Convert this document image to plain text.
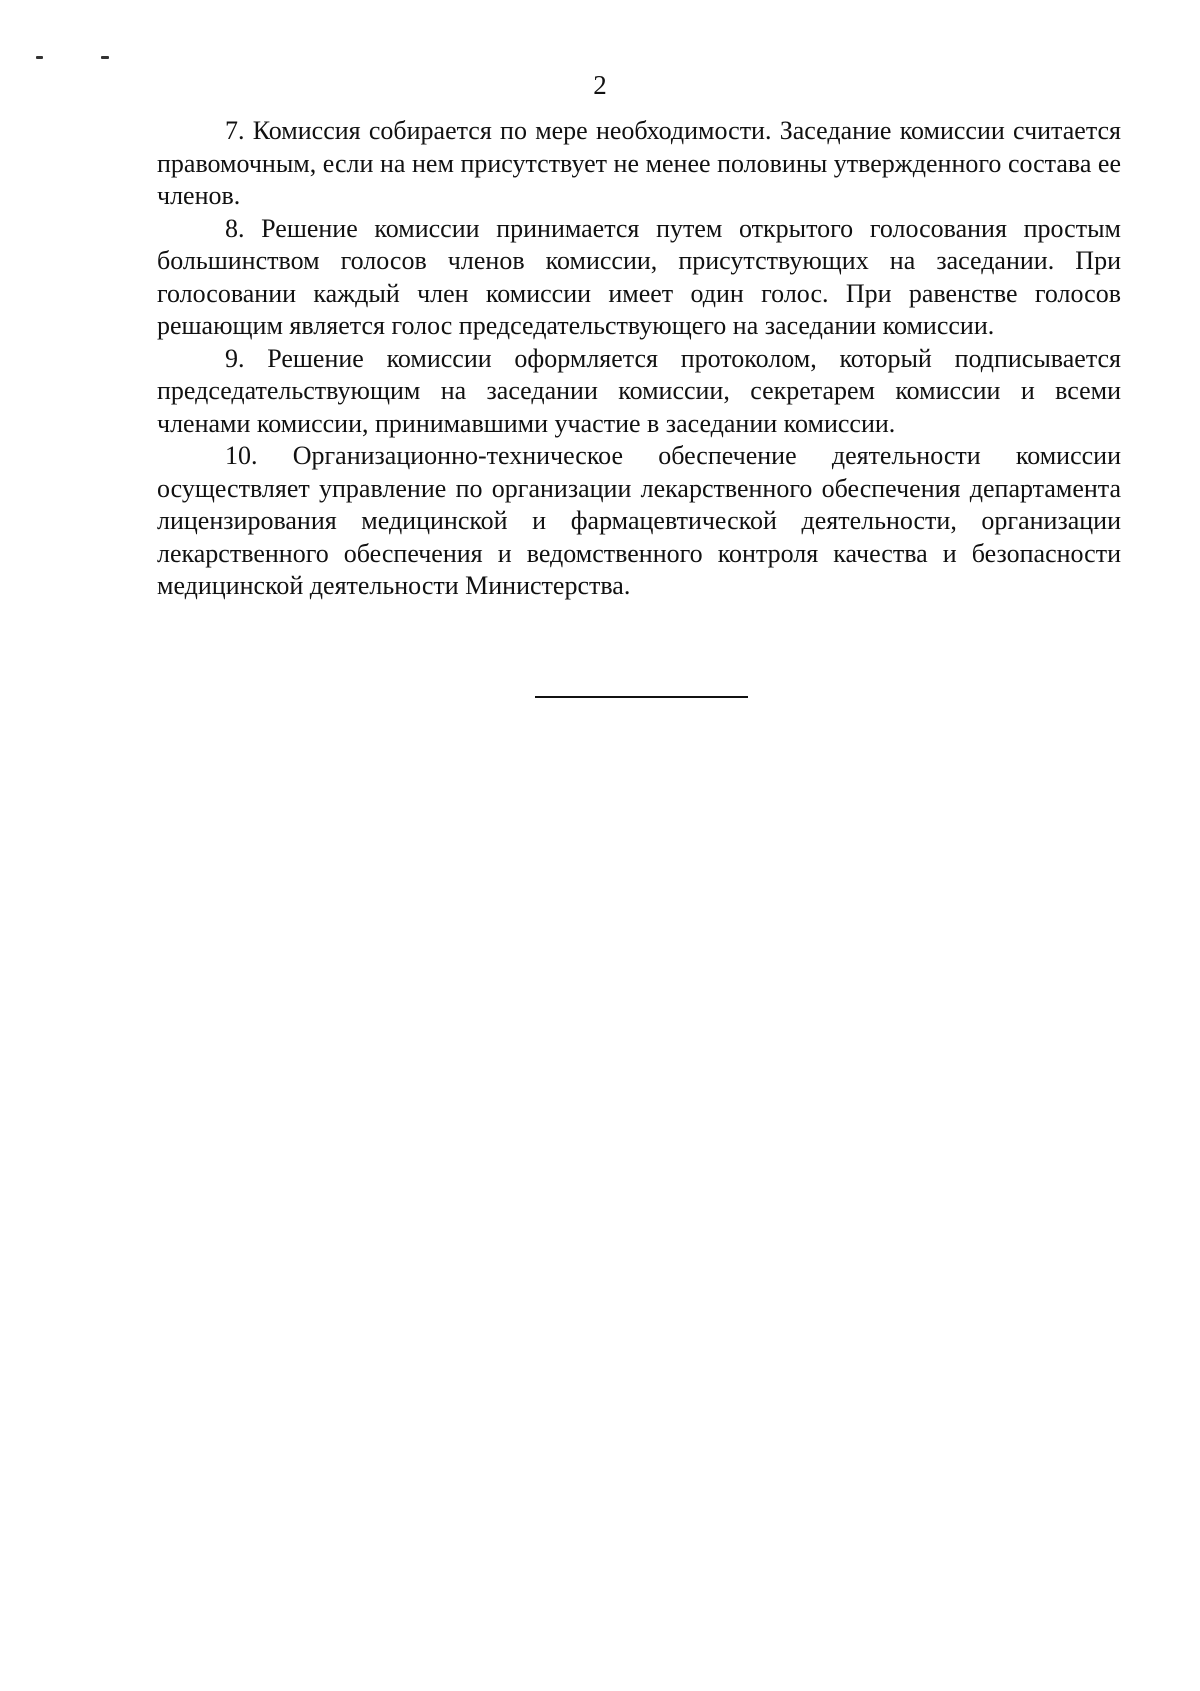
2

7. Комиссия собирается по мере необходимости. Заседание комиссии считается правомочным, если на нем присутствует не менее половины утвержденного состава ее членов.

8. Решение комиссии принимается путем открытого голосования простым большинством голосов членов комиссии, присутствующих на заседании. При голосовании каждый член комиссии имеет один голос. При равенстве голосов решающим является голос председательствующего на заседании комиссии.

9. Решение комиссии оформляется протоколом, который подписывается председательствующим на заседании комиссии, секретарем комиссии и всеми членами комиссии, принимавшими участие в заседании комиссии.

10. Организационно-техническое обеспечение деятельности комиссии осуществляет управление по организации лекарственного обеспечения департамента лицензирования медицинской и фармацевтической деятельности, организации лекарственного обеспечения и ведомственного контроля качества и безопасности медицинской деятельности Министерства.
